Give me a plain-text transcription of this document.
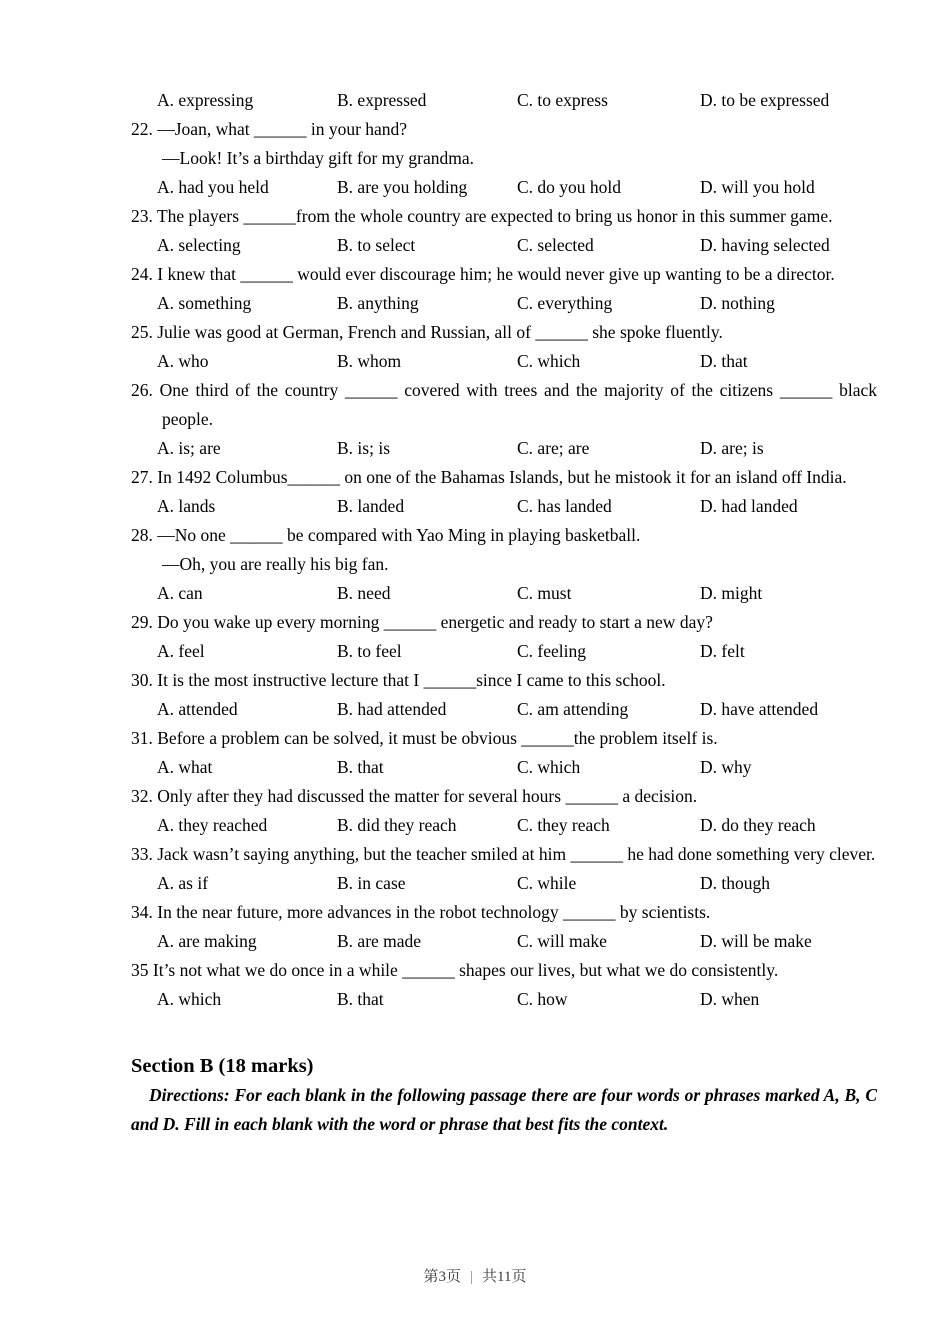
A. expressing	B. expressed	C. to express	D. to be expressed

22. —Joan, what ______ in your hand?
—Look! It’s a birthday gift for my grandma.

A. had you held	B. are you holding	C. do you hold	D. will you hold

23. The players ______from the whole country are expected to bring us honor in this summer game.

A. selecting	B. to select	C. selected	D. having selected

24. I knew that ______ would ever discourage him; he would never give up wanting to be a director.

A. something	B. anything	C. everything	D. nothing

25. Julie was good at German, French and Russian, all of ______ she spoke fluently.

A. who	B. whom	C. which	D. that

26. One third of the country ______ covered with trees and the majority of the citizens ______ black people.

A. is; are	B. is; is	C. are; are	D. are; is

27. In 1492 Columbus______ on one of the Bahamas Islands, but he mistook it for an island off India.

A. lands	B. landed	C. has landed	D. had landed

28. —No one ______ be compared with Yao Ming in playing basketball.
—Oh, you are really his big fan.

A. can	B. need	C. must	D. might

29. Do you wake up every morning ______ energetic and ready to start a new day?

A. feel	B. to feel	C. feeling	D. felt

30. It is the most instructive lecture that I ______since I came to this school.

A. attended	B. had attended	C. am attending	D. have attended

31. Before a problem can be solved, it must be obvious ______the problem itself is.

A. what	B. that	C. which	D. why

32. Only after they had discussed the matter for several hours ______ a decision.

A. they reached	B. did they reach	C. they reach	D. do they reach

33. Jack wasn’t saying anything, but the teacher smiled at him ______ he had done something very clever.

A. as if	B. in case	C. while	D. though

34. In the near future, more advances in the robot technology ______ by scientists.

A. are making	B. are made	C. will make	D. will be make

35 It’s not what we do once in a while ______ shapes our lives, but what we do consistently.

A. which	B. that	C. how	D. when
Section B (18 marks)

Directions: For each blank in the following passage there are four words or phrases marked A, B, C and D. Fill in each blank with the word or phrase that best fits the context.

第3页 | 共11页
